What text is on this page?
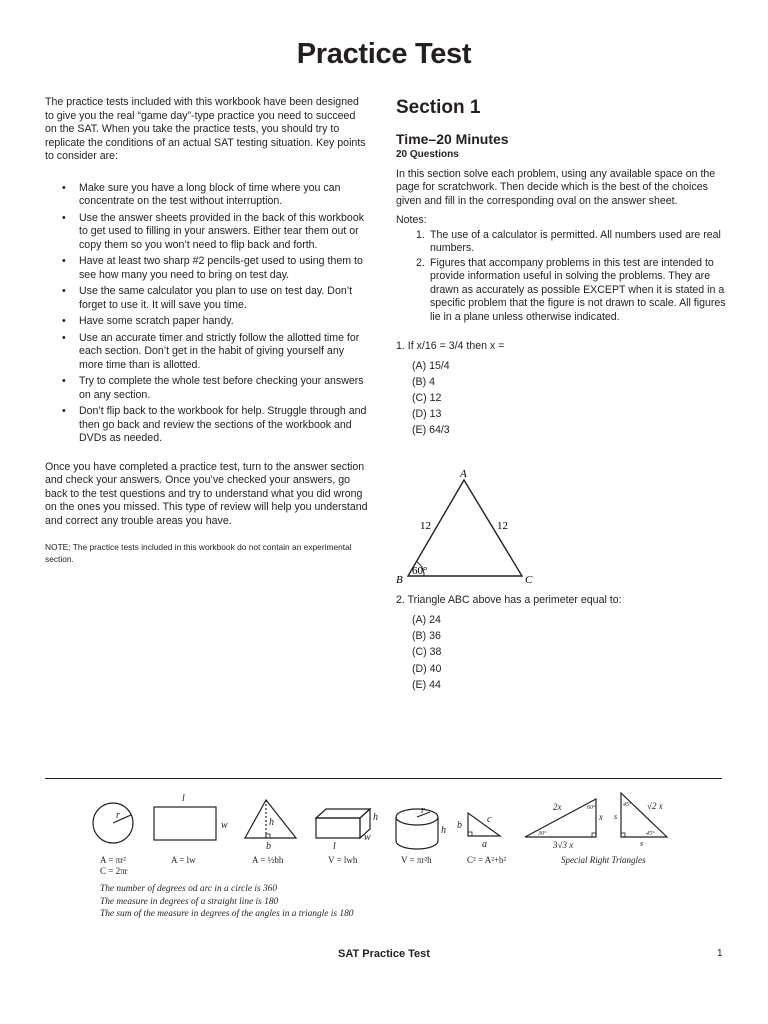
Practice Test

The practice tests included with this workbook have been designed to give you the real “game day”-type practice you need to succeed on the SAT. When you take the practice tests, you should try to replicate the conditions of an actual SAT testing situation. Key points to consider are:

• Make sure you have a long block of time where you can concentrate on the test without interruption.
• Use the answer sheets provided in the back of this workbook to get used to filling in your answers. Either tear them out or copy them so you won’t need to flip back and forth.
• Have at least two sharp #2 pencils-get used to using them to see how many you need to bring on test day.
• Use the same calculator you plan to use on test day. Don’t forget to use it. It will save you time.
• Have some scratch paper handy.
• Use an accurate timer and strictly follow the allotted time for each section. Don’t get in the habit of giving yourself any more time than is allotted.
• Try to complete the whole test before checking your answers on any section.
• Don’t flip back to the workbook for help. Struggle through and then go back and review the sections of the workbook and DVDs as needed.

Once you have completed a practice test, turn to the answer section and check your answers. Once you’ve checked your answers, go back to the test questions and try to understand what you did wrong on the ones you missed. This type of review will help you understand and correct any trouble areas you have.

NOTE: The practice tests included in this workbook do not contain an experimental section.

Section 1
Time–20 Minutes
20 Questions

In this section solve each problem, using any available space on the page for scratchwork. Then decide which is the best of the choices given and fill in the corresponding oval on the answer sheet.

Notes:

1. The use of a calculator is permitted. All numbers used are real numbers.
2. Figures that accompany problems in this test are intended to provide information useful in solving the problems. They are drawn as accurately as possible EXCEPT when it is stated in a specific problem that the figure is not drawn to scale. All figures lie in a plane unless otherwise indicated.

1. If x/16 = 3/4 then x =

(A) 15/4
(B) 4
(C) 12
(D) 13
(E) 64/3
A
B	C
12	12
60°
2. Triangle ABC above has a perimeter equal to:
(A) 24
(B) 36
(C) 38
(D) 40
(E) 44
r
l
w	h
b
h
l
w
r
h b
c
a
2x
x
3√3 x
60°
30°
√2 x
s
s
45°
45°
A = πr²
C = 2πr
A = lw	A = ½bh	V = lwh	V = πr²h	C² = A²+b²	Special Right Triangles
The number of degrees od arc in a circle is 360
The measure in degrees of a straight line is 180
The sum of the measure in degrees of the angles in a triangle is 180
SAT Practice Test	1
